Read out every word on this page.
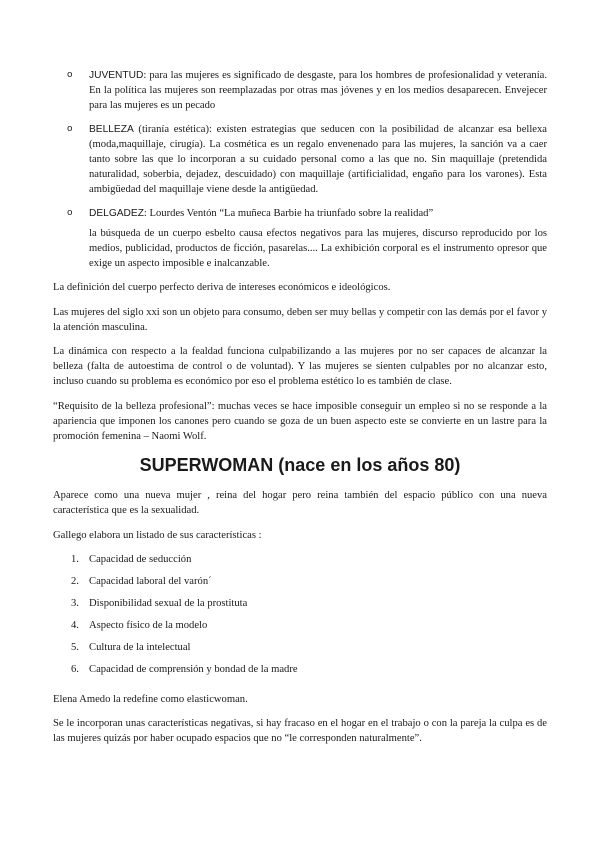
o JUVENTUD: para las mujeres es significado de desgaste, para los hombres de profesionalidad y veteranía. En la política las mujeres son reemplazadas por otras mas jóvenes y en los medios desaparecen. Envejecer para las mujeres es un pecado
o BELLEZA (tiranía estética): existen estrategias que seducen con la posibilidad de alcanzar esa bellexa (moda,maquillaje, cirugía). La cosmética es un regalo envenenado para las mujeres, la sanción va a caer tanto sobre las que lo incorporan a su cuidado personal como a las que no. Sin maquillaje (pretendida naturalidad, soberbia, dejadez, descuidado) con maquillaje (artificialidad, engaño para los varones). Esta ambigüedad del maquillaje viene desde la antigüedad.
o DELGADEZ: Lourdes Ventón “La muñeca Barbie ha triunfado sobre la realidad”

la búsqueda de un cuerpo esbelto causa efectos negativos para las mujeres, discurso reproducido por los medios, publicidad, productos de ficción, pasarelas.... La exhibición corporal es el instrumento opresor que exige un aspecto imposible e inalcanzable.

La definición del cuerpo perfecto deriva de intereses económicos e ideológicos.

Las mujeres del siglo xxi son un objeto para consumo, deben ser muy bellas y competir con las demás por el favor y la atención masculina.

La dinámica con respecto a la fealdad funciona culpabilizando a las mujeres por no ser capaces de alcanzar la belleza (falta de autoestima de control o de voluntad). Y las mujeres se sienten culpables por no alcanzar esto, incluso cuando su problema es económico por eso el problema estético lo es también de clase.

“Requisito de la belleza profesional”: muchas veces se hace imposible conseguir un empleo si no se responde a la apariencia que imponen los canones pero cuando se goza de un buen aspecto este se convierte en un lastre para la promoción femenina – Naomi Wolf.

SUPERWOMAN (nace en los años 80)

Aparece como una nueva mujer , reina del hogar pero reina también del espacio público con una nueva característica que es la sexualidad.

Gallego elabora un listado de sus características :

1. Capacidad de seducción
2. Capacidad laboral del varón´
3. Disponibilidad sexual de la prostituta
4. Aspecto físico de la modelo
5. Cultura de la intelectual
6. Capacidad de comprensión y bondad de la madre

Elena Amedo la redefine como elasticwoman.

Se le incorporan unas características negativas, si hay fracaso en el hogar en el trabajo o con la pareja la culpa es de las mujeres quizás por haber ocupado espacios que no “le corresponden naturalmente”.
